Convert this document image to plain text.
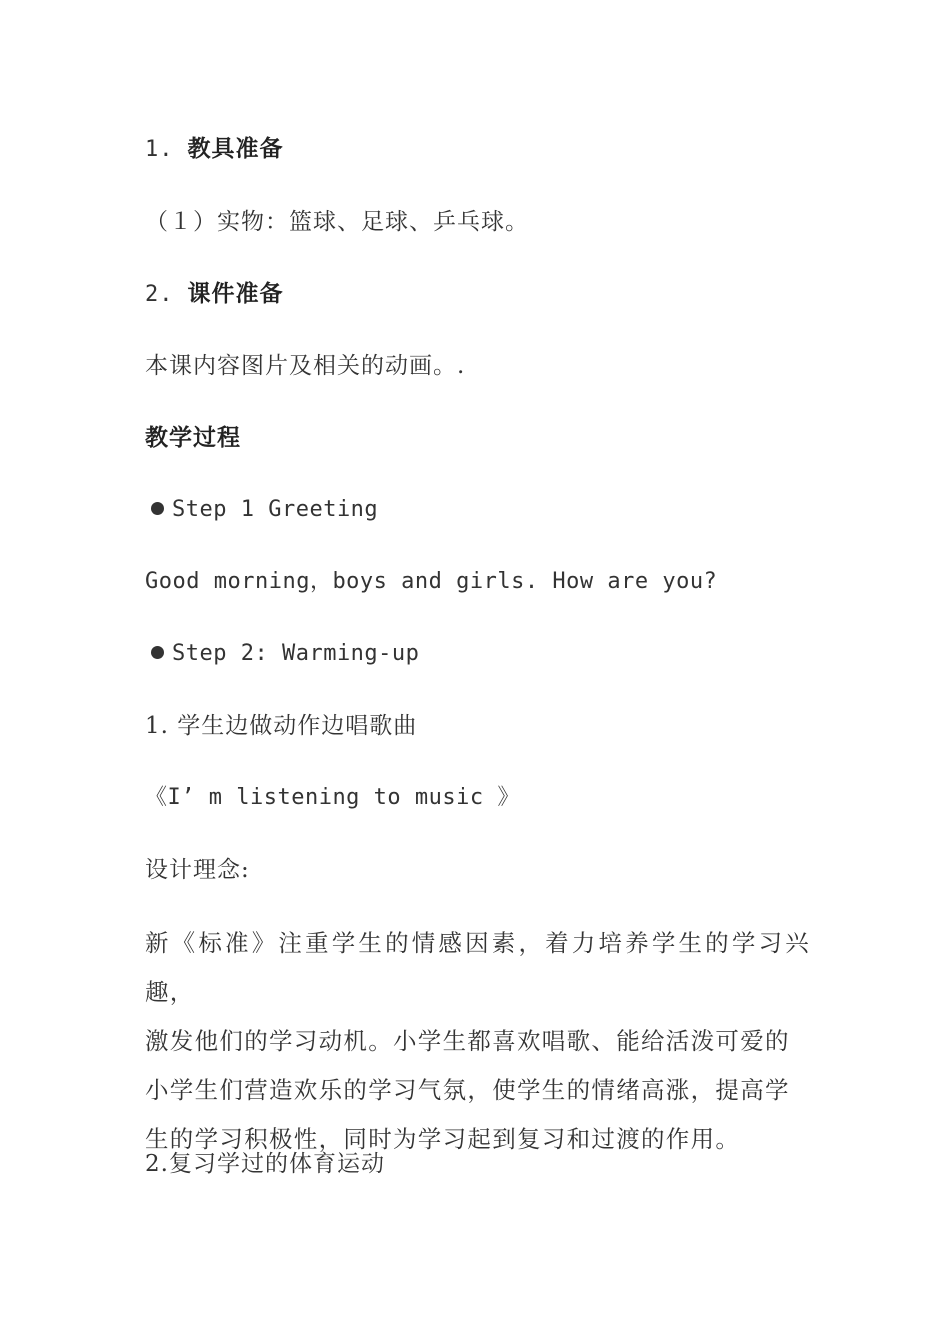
1. 教具准备
（１）实物：篮球、足球、乒乓球。
2. 课件准备
本课内容图片及相关的动画。.
教学过程
Step 1 Greeting
Good morning，boys and girls. How are you?
Step 2: Warming-up
1. 学生边做动作边唱歌曲
《I’ m listening to music 》
设计理念:
新《标准》注重学生的情感因素，着力培养学生的学习兴趣，
激发他们的学习动机。小学生都喜欢唱歌、能给活泼可爱的
小学生们营造欢乐的学习气氛，使学生的情绪高涨，提高学
生的学习积极性，同时为学习起到复习和过渡的作用。
2.复习学过的体育运动
